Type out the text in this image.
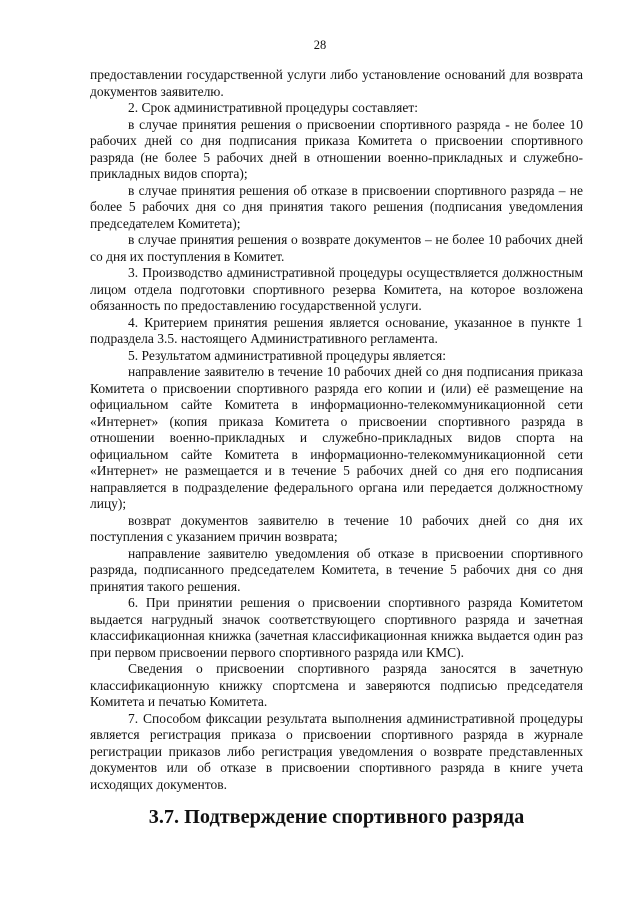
28

предоставлении государственной услуги либо установление оснований для возврата документов заявителю.

2. Срок административной процедуры составляет:

в случае принятия решения о присвоении спортивного разряда - не более 10 рабочих дней со дня подписания приказа Комитета о присвоении спортивного разряда (не более 5 рабочих дней в отношении военно-прикладных и служебно-прикладных видов спорта);

в случае принятия решения об отказе в присвоении спортивного разряда – не более 5 рабочих дня со дня принятия такого решения (подписания уведомления председателем Комитета);

в случае принятия решения о возврате документов – не более 10 рабочих дней со дня их поступления в Комитет.

3. Производство административной процедуры осуществляется должностным лицом отдела подготовки спортивного резерва Комитета, на которое возложена обязанность по предоставлению государственной услуги.

4. Критерием принятия решения является основание, указанное в пункте 1 подраздела 3.5. настоящего Административного регламента.

5. Результатом административной процедуры является:

направление заявителю в течение 10 рабочих дней со дня подписания приказа Комитета о присвоении спортивного разряда его копии и (или) её размещение на официальном сайте Комитета в информационно-телекоммуникационной сети «Интернет» (копия приказа Комитета о присвоении спортивного разряда в отношении военно-прикладных и служебно-прикладных видов спорта на официальном сайте Комитета в информационно-телекоммуникационной сети «Интернет» не размещается и в течение 5 рабочих дней со дня его подписания направляется в подразделение федерального органа или передается должностному лицу);

возврат документов заявителю в течение 10 рабочих дней со дня их поступления с указанием причин возврата;

направление заявителю уведомления об отказе в присвоении спортивного разряда, подписанного председателем Комитета, в течение 5 рабочих дня со дня принятия такого решения.

6. При принятии решения о присвоении спортивного разряда Комитетом выдается нагрудный значок соответствующего спортивного разряда и зачетная классификационная книжка (зачетная классификационная книжка выдается один раз при первом присвоении первого спортивного разряда или КМС).

Сведения о присвоении спортивного разряда заносятся в зачетную классификационную книжку спортсмена и заверяются подписью председателя Комитета и печатью Комитета.

7. Способом фиксации результата выполнения административной процедуры является регистрация приказа о присвоении спортивного разряда в журнале регистрации приказов либо регистрация уведомления о возврате представленных документов или об отказе в присвоении спортивного разряда в книге учета исходящих документов.

3.7. Подтверждение спортивного разряда
